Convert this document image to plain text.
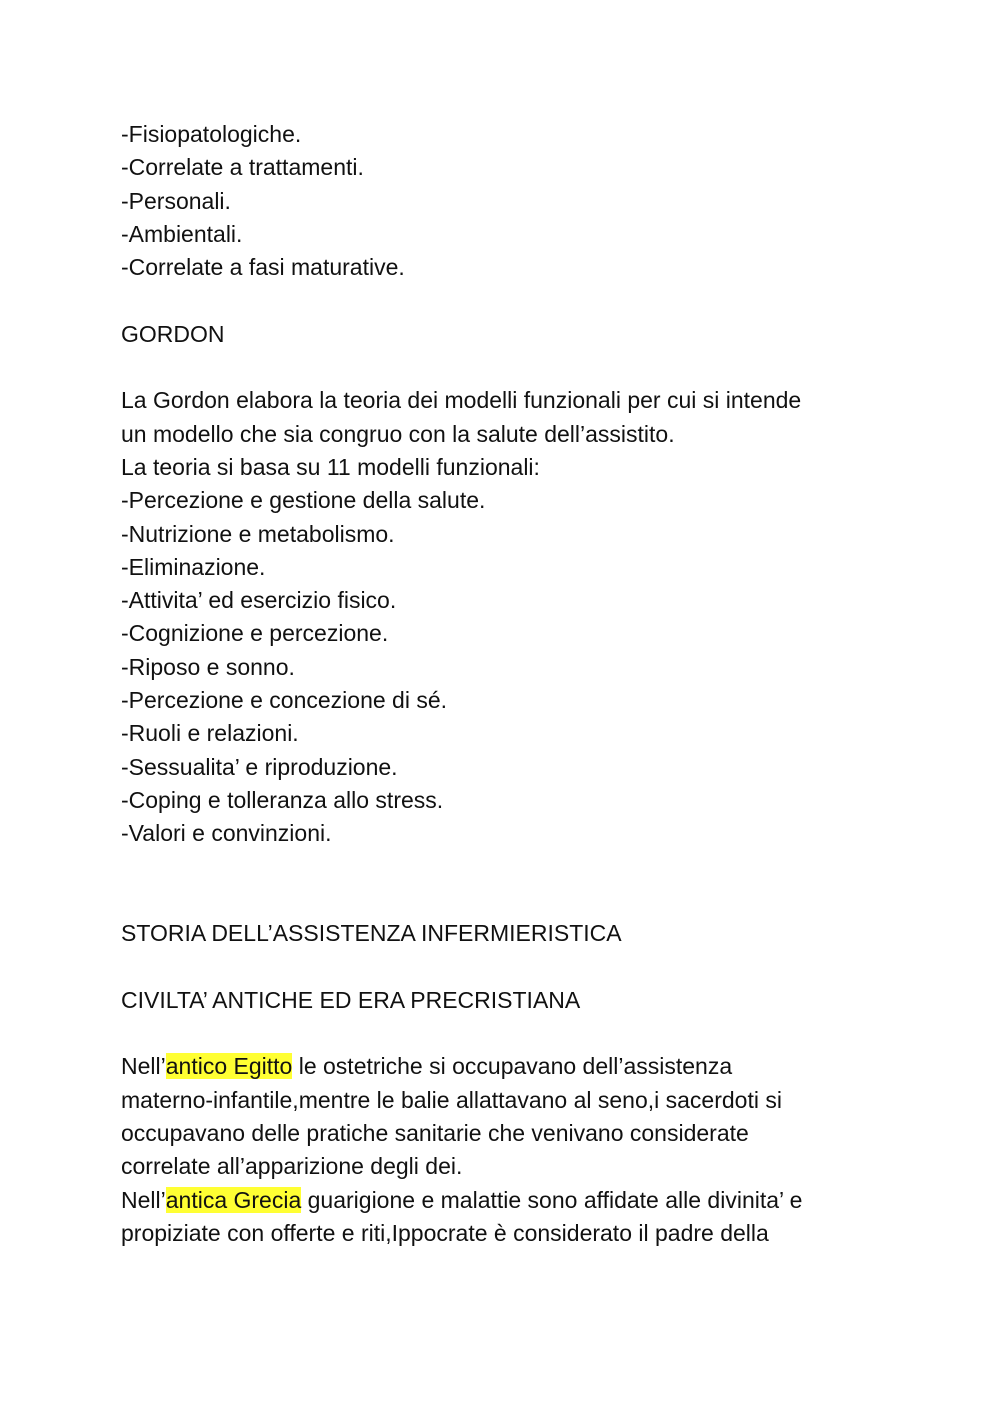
-Fisiopatologiche.

-Correlate a trattamenti.

-Personali.

-Ambientali.

-Correlate a fasi maturative.

GORDON

La Gordon elabora la teoria dei modelli funzionali per cui si intende

un modello che sia congruo con la salute dell’assistito.

La teoria si basa su 11 modelli funzionali:

-Percezione e gestione della salute.

-Nutrizione e metabolismo.

-Eliminazione.

-Attivita’ ed esercizio fisico.

-Cognizione e percezione.

-Riposo e sonno.

-Percezione e concezione di sé.

-Ruoli e relazioni.

-Sessualita’ e riproduzione.

-Coping e tolleranza allo stress.

-Valori e convinzioni.

STORIA DELL’ASSISTENZA INFERMIERISTICA

CIVILTA’ ANTICHE ED ERA PRECRISTIANA

Nell’antico Egitto le ostetriche si occupavano dell’assistenza

materno-infantile,mentre le balie allattavano al seno,i sacerdoti si

occupavano delle pratiche sanitarie che venivano considerate

correlate all’apparizione degli dei.

Nell’antica Grecia guarigione e malattie sono affidate alle divinita’ e

propiziate con offerte e riti,Ippocrate è considerato il padre della
